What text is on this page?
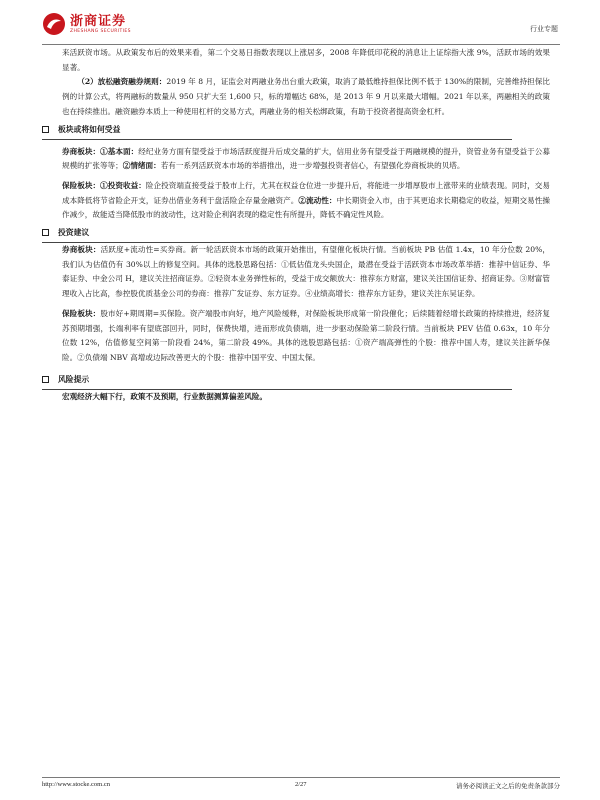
浙商证券
ZHESHANG SECURITIES	行业专题

来活跃资市场。从政策发布后的效果来看，第二个交易日指数表现以上涨居多，2008 年降低印花税的消息让上证综指大涨 9%，活跃市场的效果显著。

（2）放松融资融券规则：2019 年 8 月，证监会对两融业务出台重大政策，取消了最低维持担保比例不低于 130%的限制，完善维持担保比例的计算公式，将两融标的数量从 950 只扩大至 1,600 只，标的增幅达 68%，是 2013 年 9 月以来最大增幅。2021 年以来，两融相关的政策也在持续推出。融资融券本质上一种使用杠杆的交易方式，两融业务的相关松绑政策，有助于投资者提高资金杠杆。

板块或将如何受益

券商板块：①基本面：经纪业务方面有望受益于市场活跃度提升后成交量的扩大，信用业务有望受益于两融规模的提升，资管业务有望受益于公募规模的扩张等等；②情绪面：若有一系列活跃资本市场的举措推出，进一步增强投资者信心，有望强化券商板块的贝塔。

保险板块：①投资收益：险企投资端直接受益于股市上行，尤其在权益仓位进一步提升后，将能进一步增厚股市上涨带来的业绩表现。同时，交易成本降低将节省险企开支，证券出借业务利于盘活险企存量金融资产。②流动性：中长期资金入市，由于其更追求长期稳定的收益，短期交易性操作减少，故能适当降低股市的波动性，这对险企利润表现的稳定性有所提升，降低不确定性风险。

投资建议

券商板块：活跃度+流动性=买券商。新一轮活跃资本市场的政策开始推出，有望催化板块行情。当前板块 PB 估值 1.4x，10 年分位数 20%，我们认为估值仍有 30%以上的修复空间。具体的选股思路包括：①低估值龙头央国企，最潜在受益于活跃资本市场改革举措：推荐中信证券、华泰证券、中金公司 H，建议关注招商证券。②轻资本业务弹性标的，受益于成交额放大：推荐东方财富，建议关注国信证券、招商证券。③财富管理收入占比高，参控股优质基金公司的券商：推荐广发证券、东方证券。④业绩高增长：推荐东方证券，建议关注东吴证券。

保险板块：股市好+期周期=买保险。资产端股市向好，地产风险缓释，对保险板块形成第一阶段催化；后续随着经增长政策的持续推进，经济复苏预期增强，长端利率有望底部回升，同时，保费快增，进而形成负债端，进一步驱动保险第二阶段行情。当前板块 PEV 估值 0.63x，10 年分位数 12%，估值修复空间第一阶段看 24%，第二阶段 49%。具体的选股思路包括：①资产端高弹性的个股：推荐中国人寿，建议关注新华保险。②负债端 NBV 高增或边际改善更大的个股：推荐中国平安、中国太保。

风险提示

宏观经济大幅下行，政策不及预期，行业数据测算偏差风险。

http://www.stocke.com.cn	2/27	请务必阅读正文之后的免责条款部分
